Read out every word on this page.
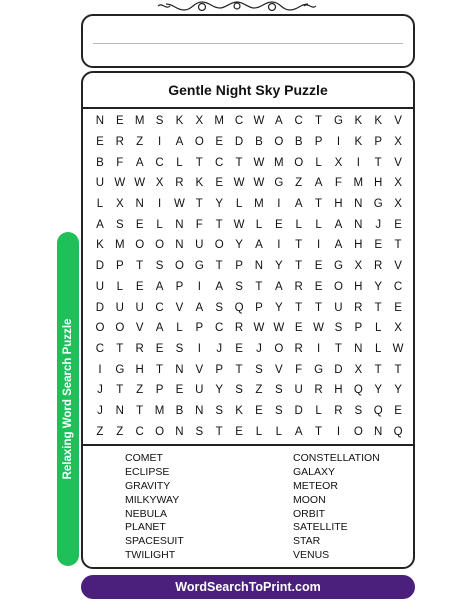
Relaxing Word Search Puzzle
Gentle Night Sky Puzzle
N	E M S	K	X M C W A	C	T	G	K	K	V
E	R	Z	I	A	O	E	D	B	O	B	P	I	K	P	X
B	F	A	C	L	T	C	T W M O	L	X	I	T	V
U W W X	R	K	E W W G	Z	A	F	M H	X
L	X	N	I	W T	Y	L	M	I	A	T	H	N G	X
A	S	E	L	N	F	T W L	E	L	L	A	N	J	E
K M O O N	U O	Y	A	I	T	I	A	H	E	T
D	P	T	S	O G	T	P	N	Y	T	E	G	X	R	V
U	L	E	A	P	I	A	S	T	A	R	E	O H	Y	C
D	U	U	C	V	A	S	Q	P	Y	T	T	U	R	T	E
O O	V	A	L	P	C	R W W E W S	P	L	X
C	T	R	E	S	I	J	E	J	O R	I	T	N	L W
I	G H	T	N	V	P	T	S	V	F	G D	X	T	T
J	T	Z	P	E	U	Y	S	Z	S	U	R	H Q	Y	Y
J	N	T	M B	N	S	K	E	S	D	L	R	S	Q	E
Z	Z	C O N	S	T	E	L	L	A	T	I	O N Q
COMET	CONSTELLATION
ECLIPSE	GALAXY
GRAVITY	METEOR
MILKYWAY	MOON
NEBULA	ORBIT
PLANET	SATELLITE
SPACESUIT	STAR
TWILIGHT	VENUS
WordSearchToPrint.com
